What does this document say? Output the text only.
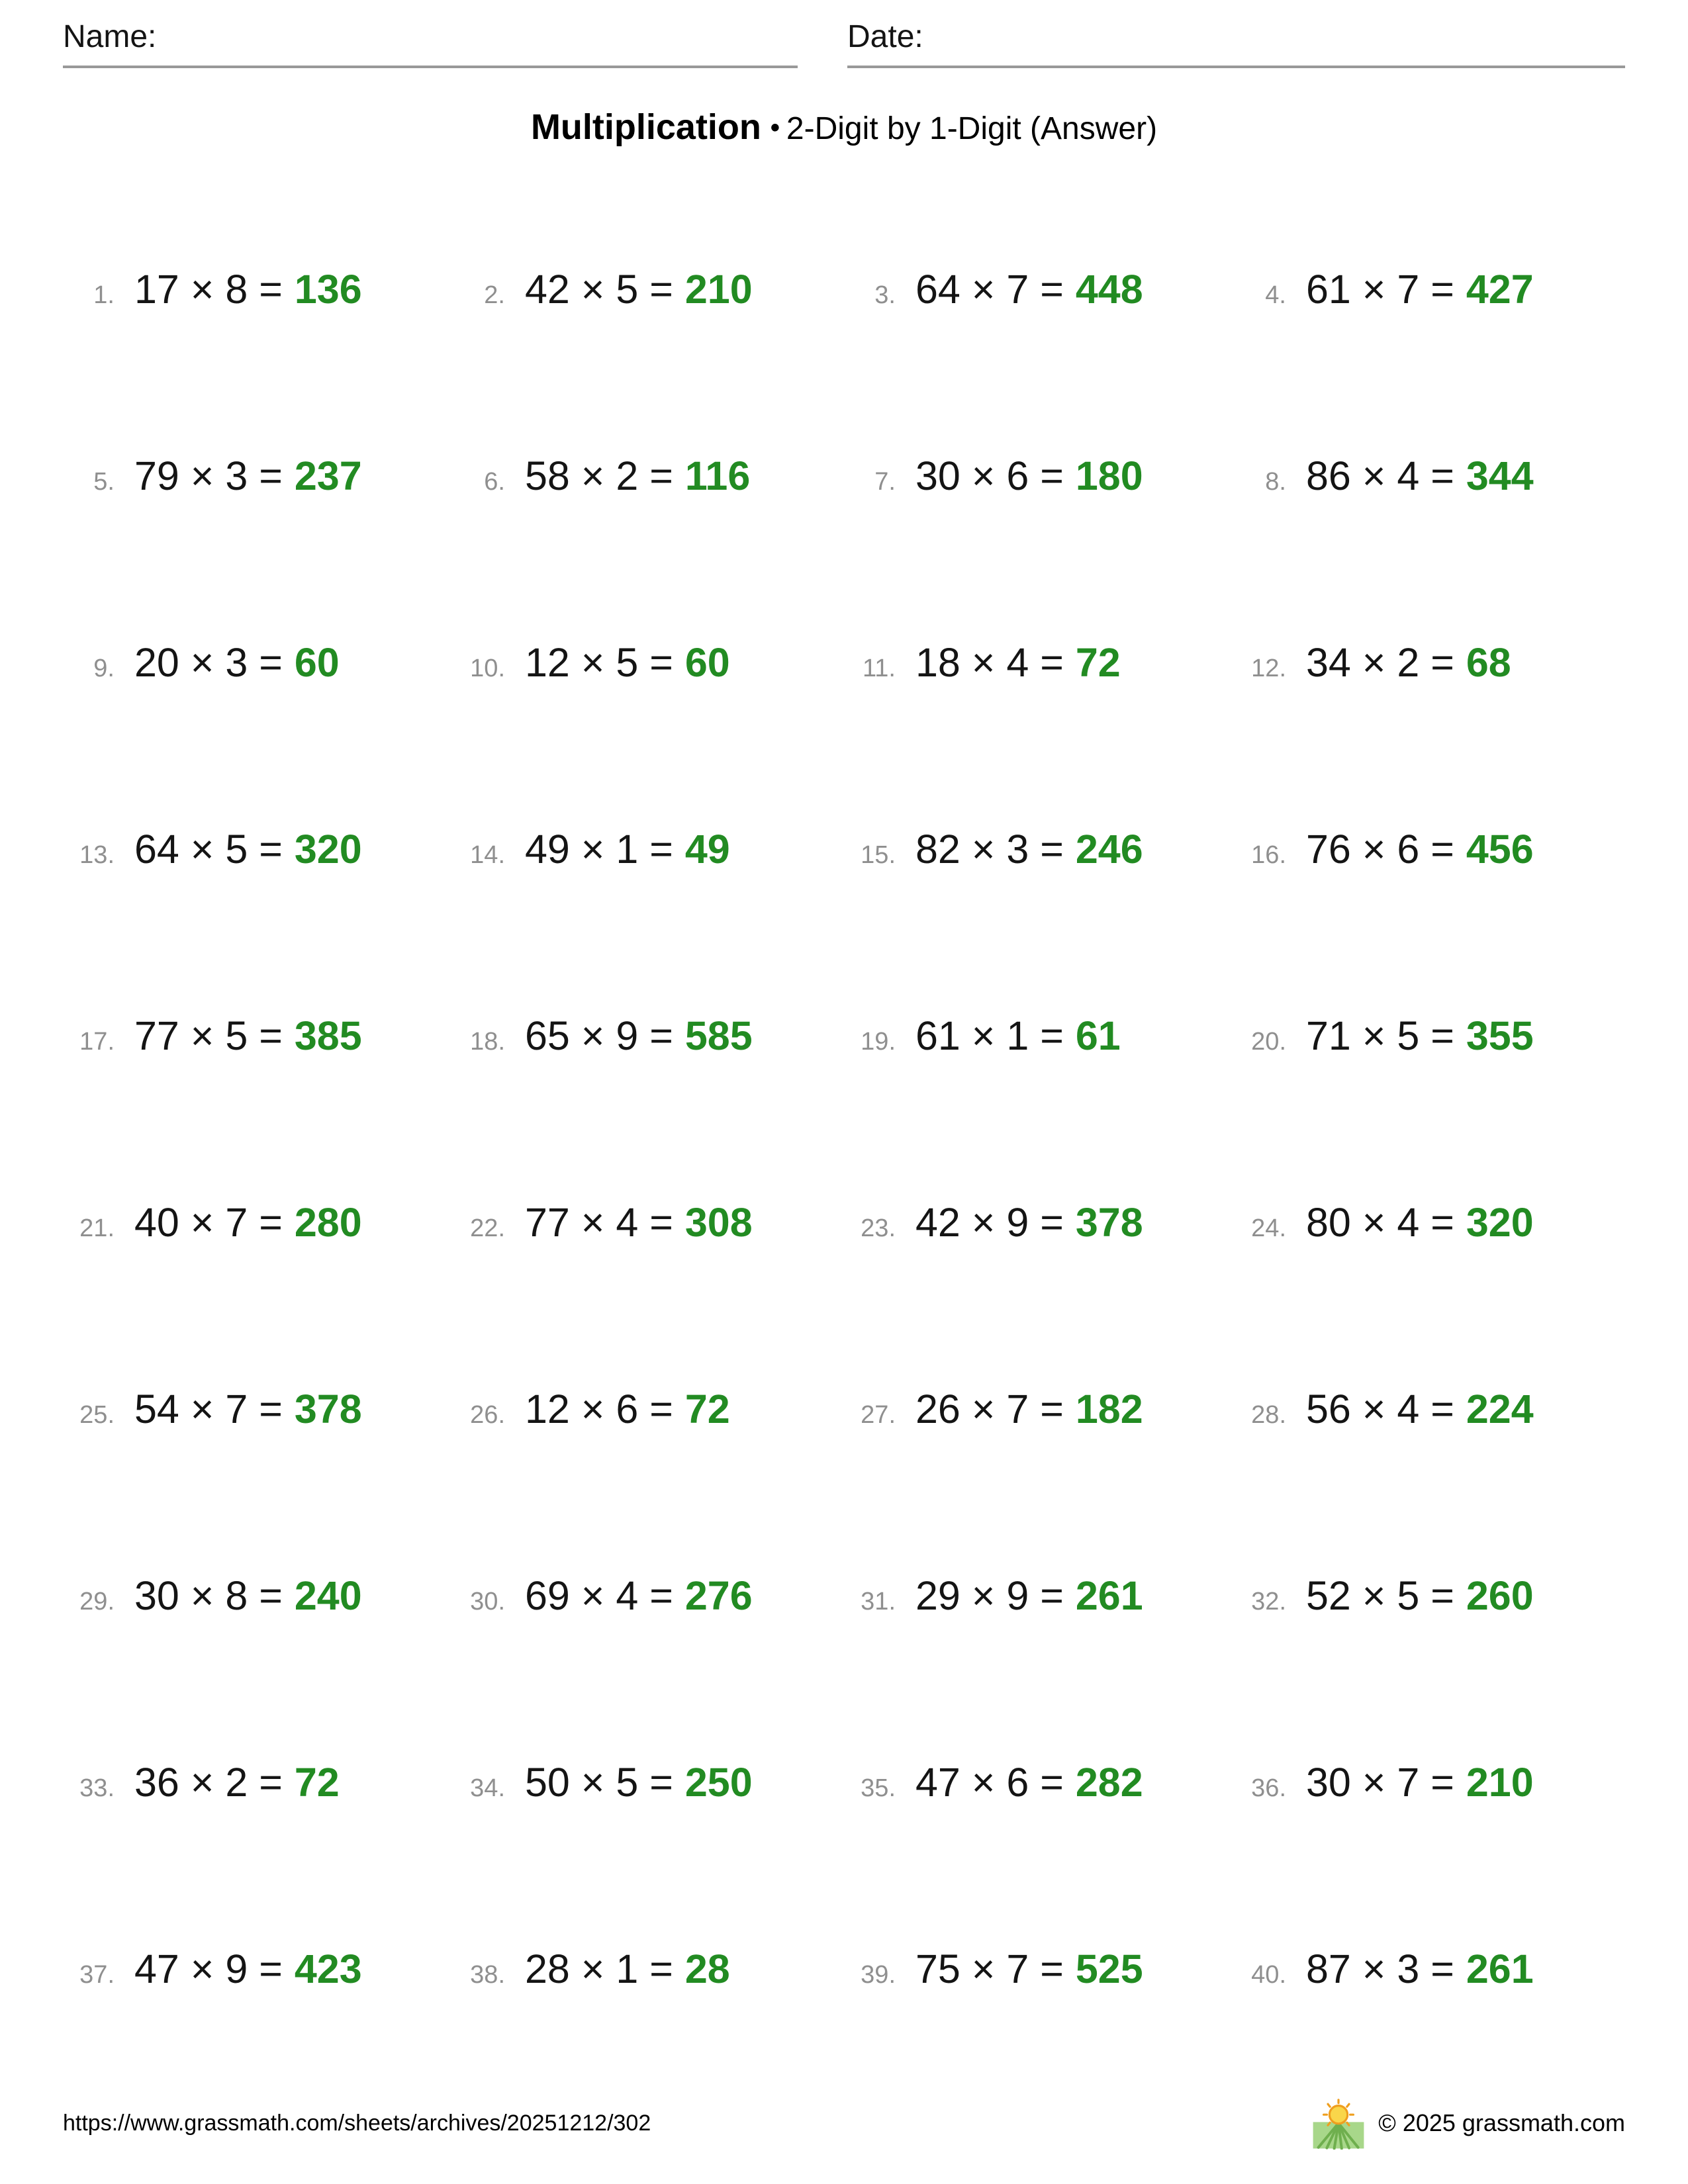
Name:	Date:
Multiplication • 2-Digit by 1-Digit (Answer)
1. 17 × 8 = 136	2. 42 × 5 = 210	3. 64 × 7 = 448	4. 61 × 7 = 427
5. 79 × 3 = 237	6. 58 × 2 = 116	7. 30 × 6 = 180	8. 86 × 4 = 344
9. 20 × 3 = 60	10. 12 × 5 = 60	11. 18 × 4 = 72	12. 34 × 2 = 68
13. 64 × 5 = 320	14. 49 × 1 = 49	15. 82 × 3 = 246	16. 76 × 6 = 456
17. 77 × 5 = 385	18. 65 × 9 = 585	19. 61 × 1 = 61	20. 71 × 5 = 355
21. 40 × 7 = 280	22. 77 × 4 = 308	23. 42 × 9 = 378	24. 80 × 4 = 320
25. 54 × 7 = 378	26. 12 × 6 = 72	27. 26 × 7 = 182	28. 56 × 4 = 224
29. 30 × 8 = 240	30. 69 × 4 = 276	31. 29 × 9 = 261	32. 52 × 5 = 260
33. 36 × 2 = 72	34. 50 × 5 = 250	35. 47 × 6 = 282	36. 30 × 7 = 210
37. 47 × 9 = 423	38. 28 × 1 = 28	39. 75 × 7 = 525	40. 87 × 3 = 261
https://www.grassmath.com/sheets/archives/20251212/302	© 2025 grassmath.com
